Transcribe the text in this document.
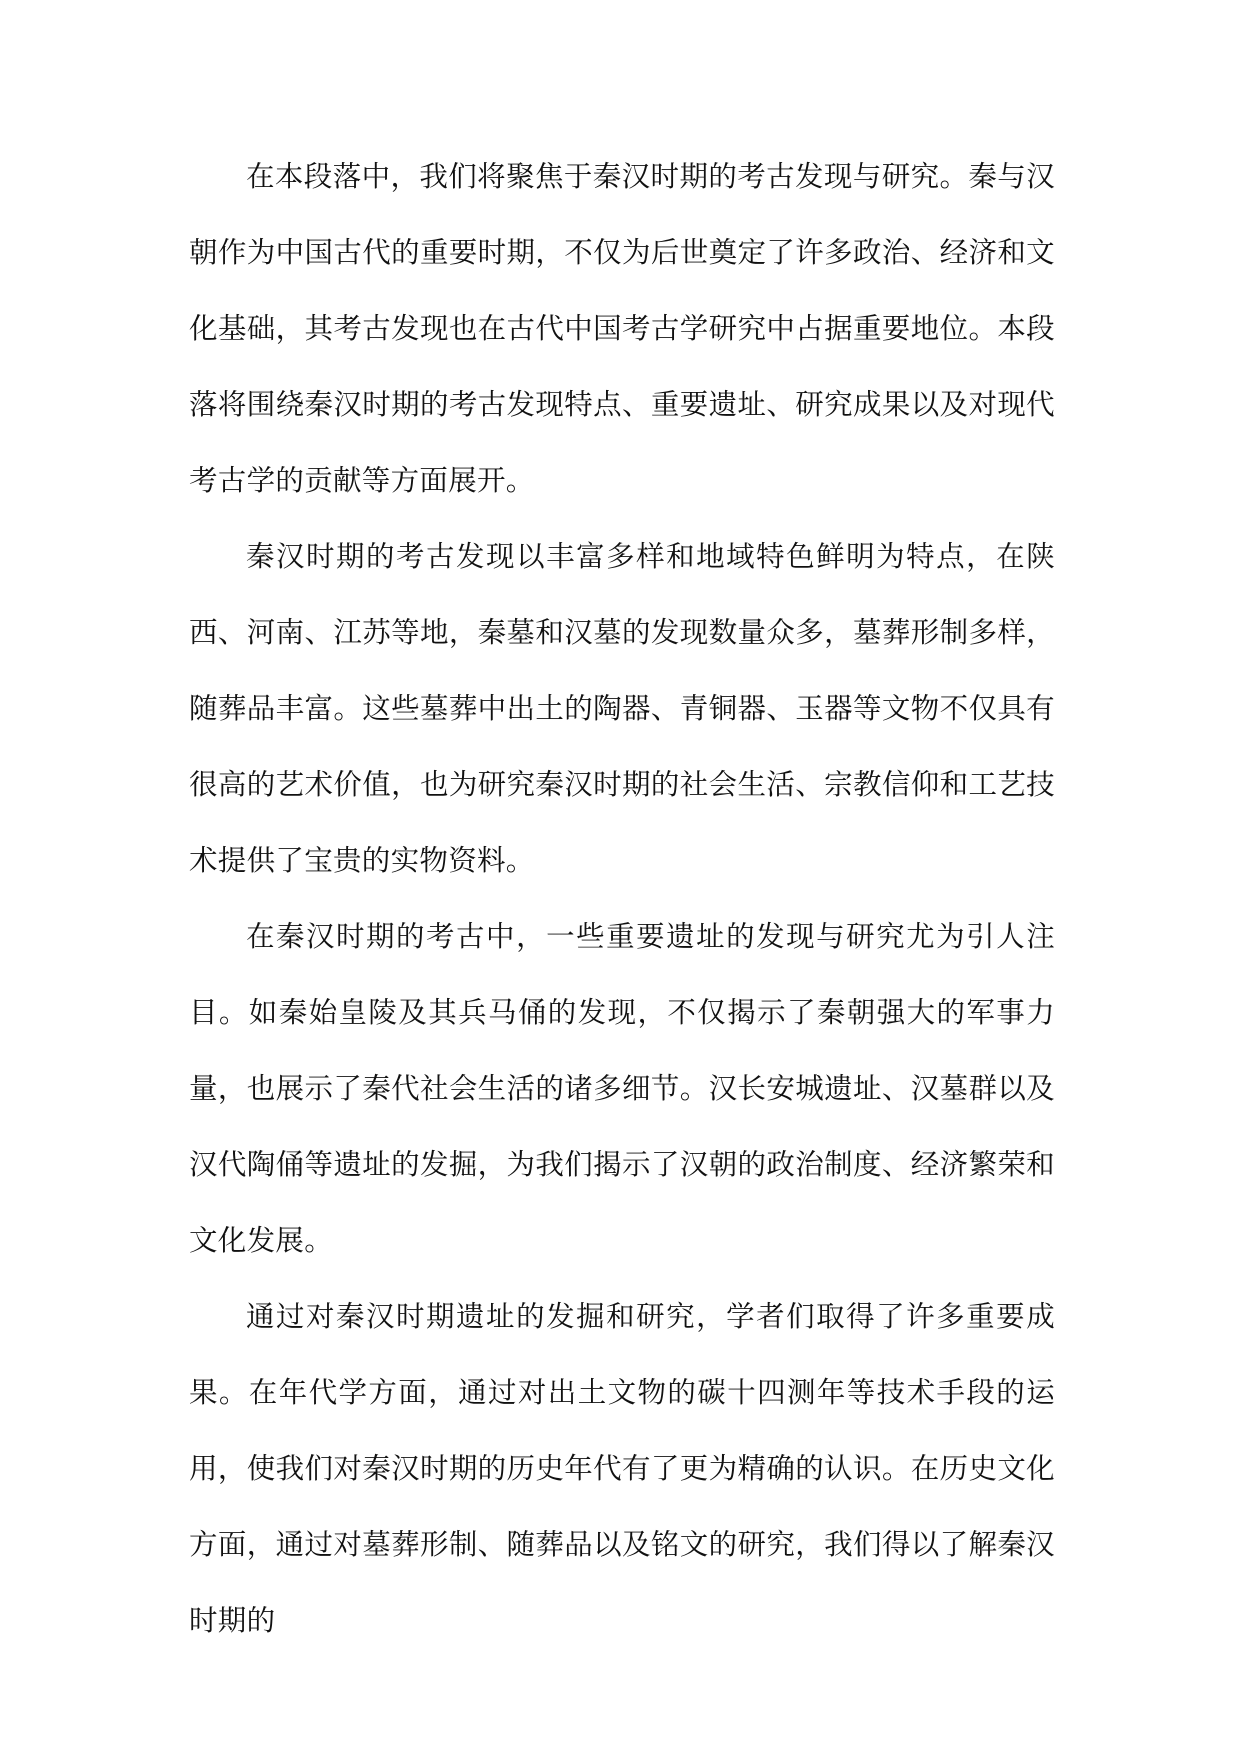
在本段落中，我们将聚焦于秦汉时期的考古发现与研究。秦与汉朝作为中国古代的重要时期，不仅为后世奠定了许多政治、经济和文化基础，其考古发现也在古代中国考古学研究中占据重要地位。本段落将围绕秦汉时期的考古发现特点、重要遗址、研究成果以及对现代考古学的贡献等方面展开。

秦汉时期的考古发现以丰富多样和地域特色鲜明为特点，在陕西、河南、江苏等地，秦墓和汉墓的发现数量众多，墓葬形制多样，随葬品丰富。这些墓葬中出土的陶器、青铜器、玉器等文物不仅具有很高的艺术价值，也为研究秦汉时期的社会生活、宗教信仰和工艺技术提供了宝贵的实物资料。

在秦汉时期的考古中，一些重要遗址的发现与研究尤为引人注目。如秦始皇陵及其兵马俑的发现，不仅揭示了秦朝强大的军事力量，也展示了秦代社会生活的诸多细节。汉长安城遗址、汉墓群以及汉代陶俑等遗址的发掘，为我们揭示了汉朝的政治制度、经济繁荣和文化发展。

通过对秦汉时期遗址的发掘和研究，学者们取得了许多重要成果。在年代学方面，通过对出土文物的碳十四测年等技术手段的运用，使我们对秦汉时期的历史年代有了更为精确的认识。在历史文化方面，通过对墓葬形制、随葬品以及铭文的研究，我们得以了解秦汉时期的
